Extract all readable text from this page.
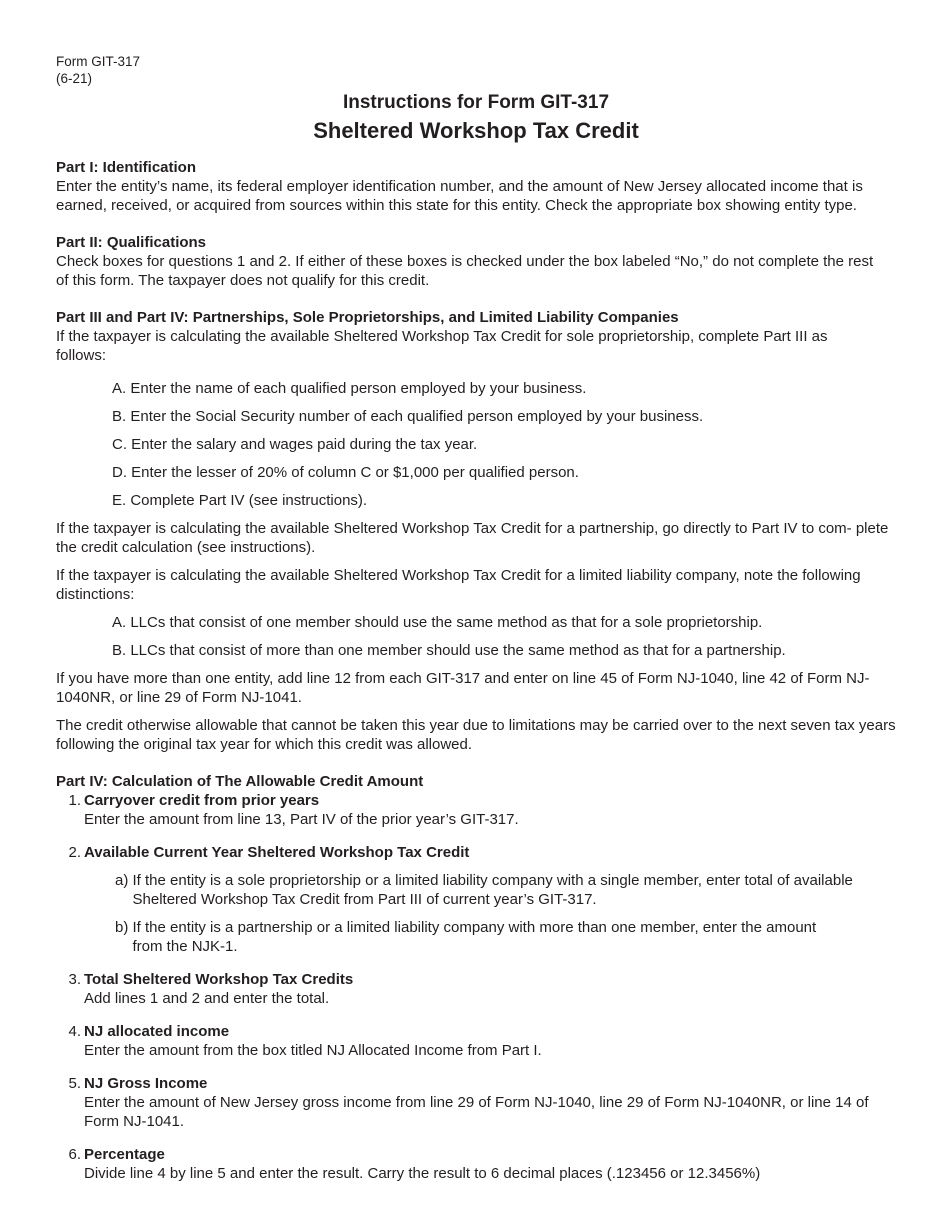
Form GIT-317
(6-21)
Instructions for Form GIT-317
Sheltered Workshop Tax Credit
Part I: Identification

Enter the entity’s name, its federal employer identification number, and the amount of New Jersey allocated income that is earned, received, or acquired from sources within this state for this entity. Check the appropriate box showing entity type.

Part II: Qualifications

Check boxes for questions 1 and 2. If either of these boxes is checked under the box labeled “No,” do not complete the rest of this form. The taxpayer does not qualify for this credit.

Part III and Part IV: Partnerships, Sole Proprietorships, and Limited Liability Companies

If the taxpayer is calculating the available Sheltered Workshop Tax Credit for sole proprietorship, complete Part III as follows:

A. Enter the name of each qualified person employed by your business.
B. Enter the Social Security number of each qualified person employed by your business.
C. Enter the salary and wages paid during the tax year.
D. Enter the lesser of 20% of column C or $1,000 per qualified person.
E. Complete Part IV (see instructions).

If the taxpayer is calculating the available Sheltered Workshop Tax Credit for a partnership, go directly to Part IV to com- plete the credit calculation (see instructions).

If the taxpayer is calculating the available Sheltered Workshop Tax Credit for a limited liability company, note the following distinctions:

A. LLCs that consist of one member should use the same method as that for a sole proprietorship.
B. LLCs that consist of more than one member should use the same method as that for a partnership.

If you have more than one entity, add line 12 from each GIT-317 and enter on line 45 of Form NJ-1040, line 42 of Form NJ-1040NR, or line 29 of Form NJ-1041.

The credit otherwise allowable that cannot be taken this year due to limitations may be carried over to the next seven tax years following the original tax year for which this credit was allowed.

Part IV: Calculation of The Allowable Credit Amount
1. Carryover credit from prior years

Enter the amount from line 13, Part IV of the prior year’s GIT-317.

2. Available Current Year Sheltered Workshop Tax Credit
a) If the entity is a sole proprietorship or a limited liability company with a single member, enter total of available Sheltered Workshop Tax Credit from Part III of current year’s GIT-317.
b) If the entity is a partnership or a limited liability company with more than one member, enter the amount from the NJK-1.
3. Total Sheltered Workshop Tax Credits

Add lines 1 and 2 and enter the total.

4. NJ allocated income

Enter the amount from the box titled NJ Allocated Income from Part I.

5. NJ Gross Income

Enter the amount of New Jersey gross income from line 29 of Form NJ-1040, line 29 of Form NJ-1040NR, or line 14 of Form NJ-1041.

6. Percentage

Divide line 4 by line 5 and enter the result. Carry the result to 6 decimal places (.123456 or 12.3456%)
